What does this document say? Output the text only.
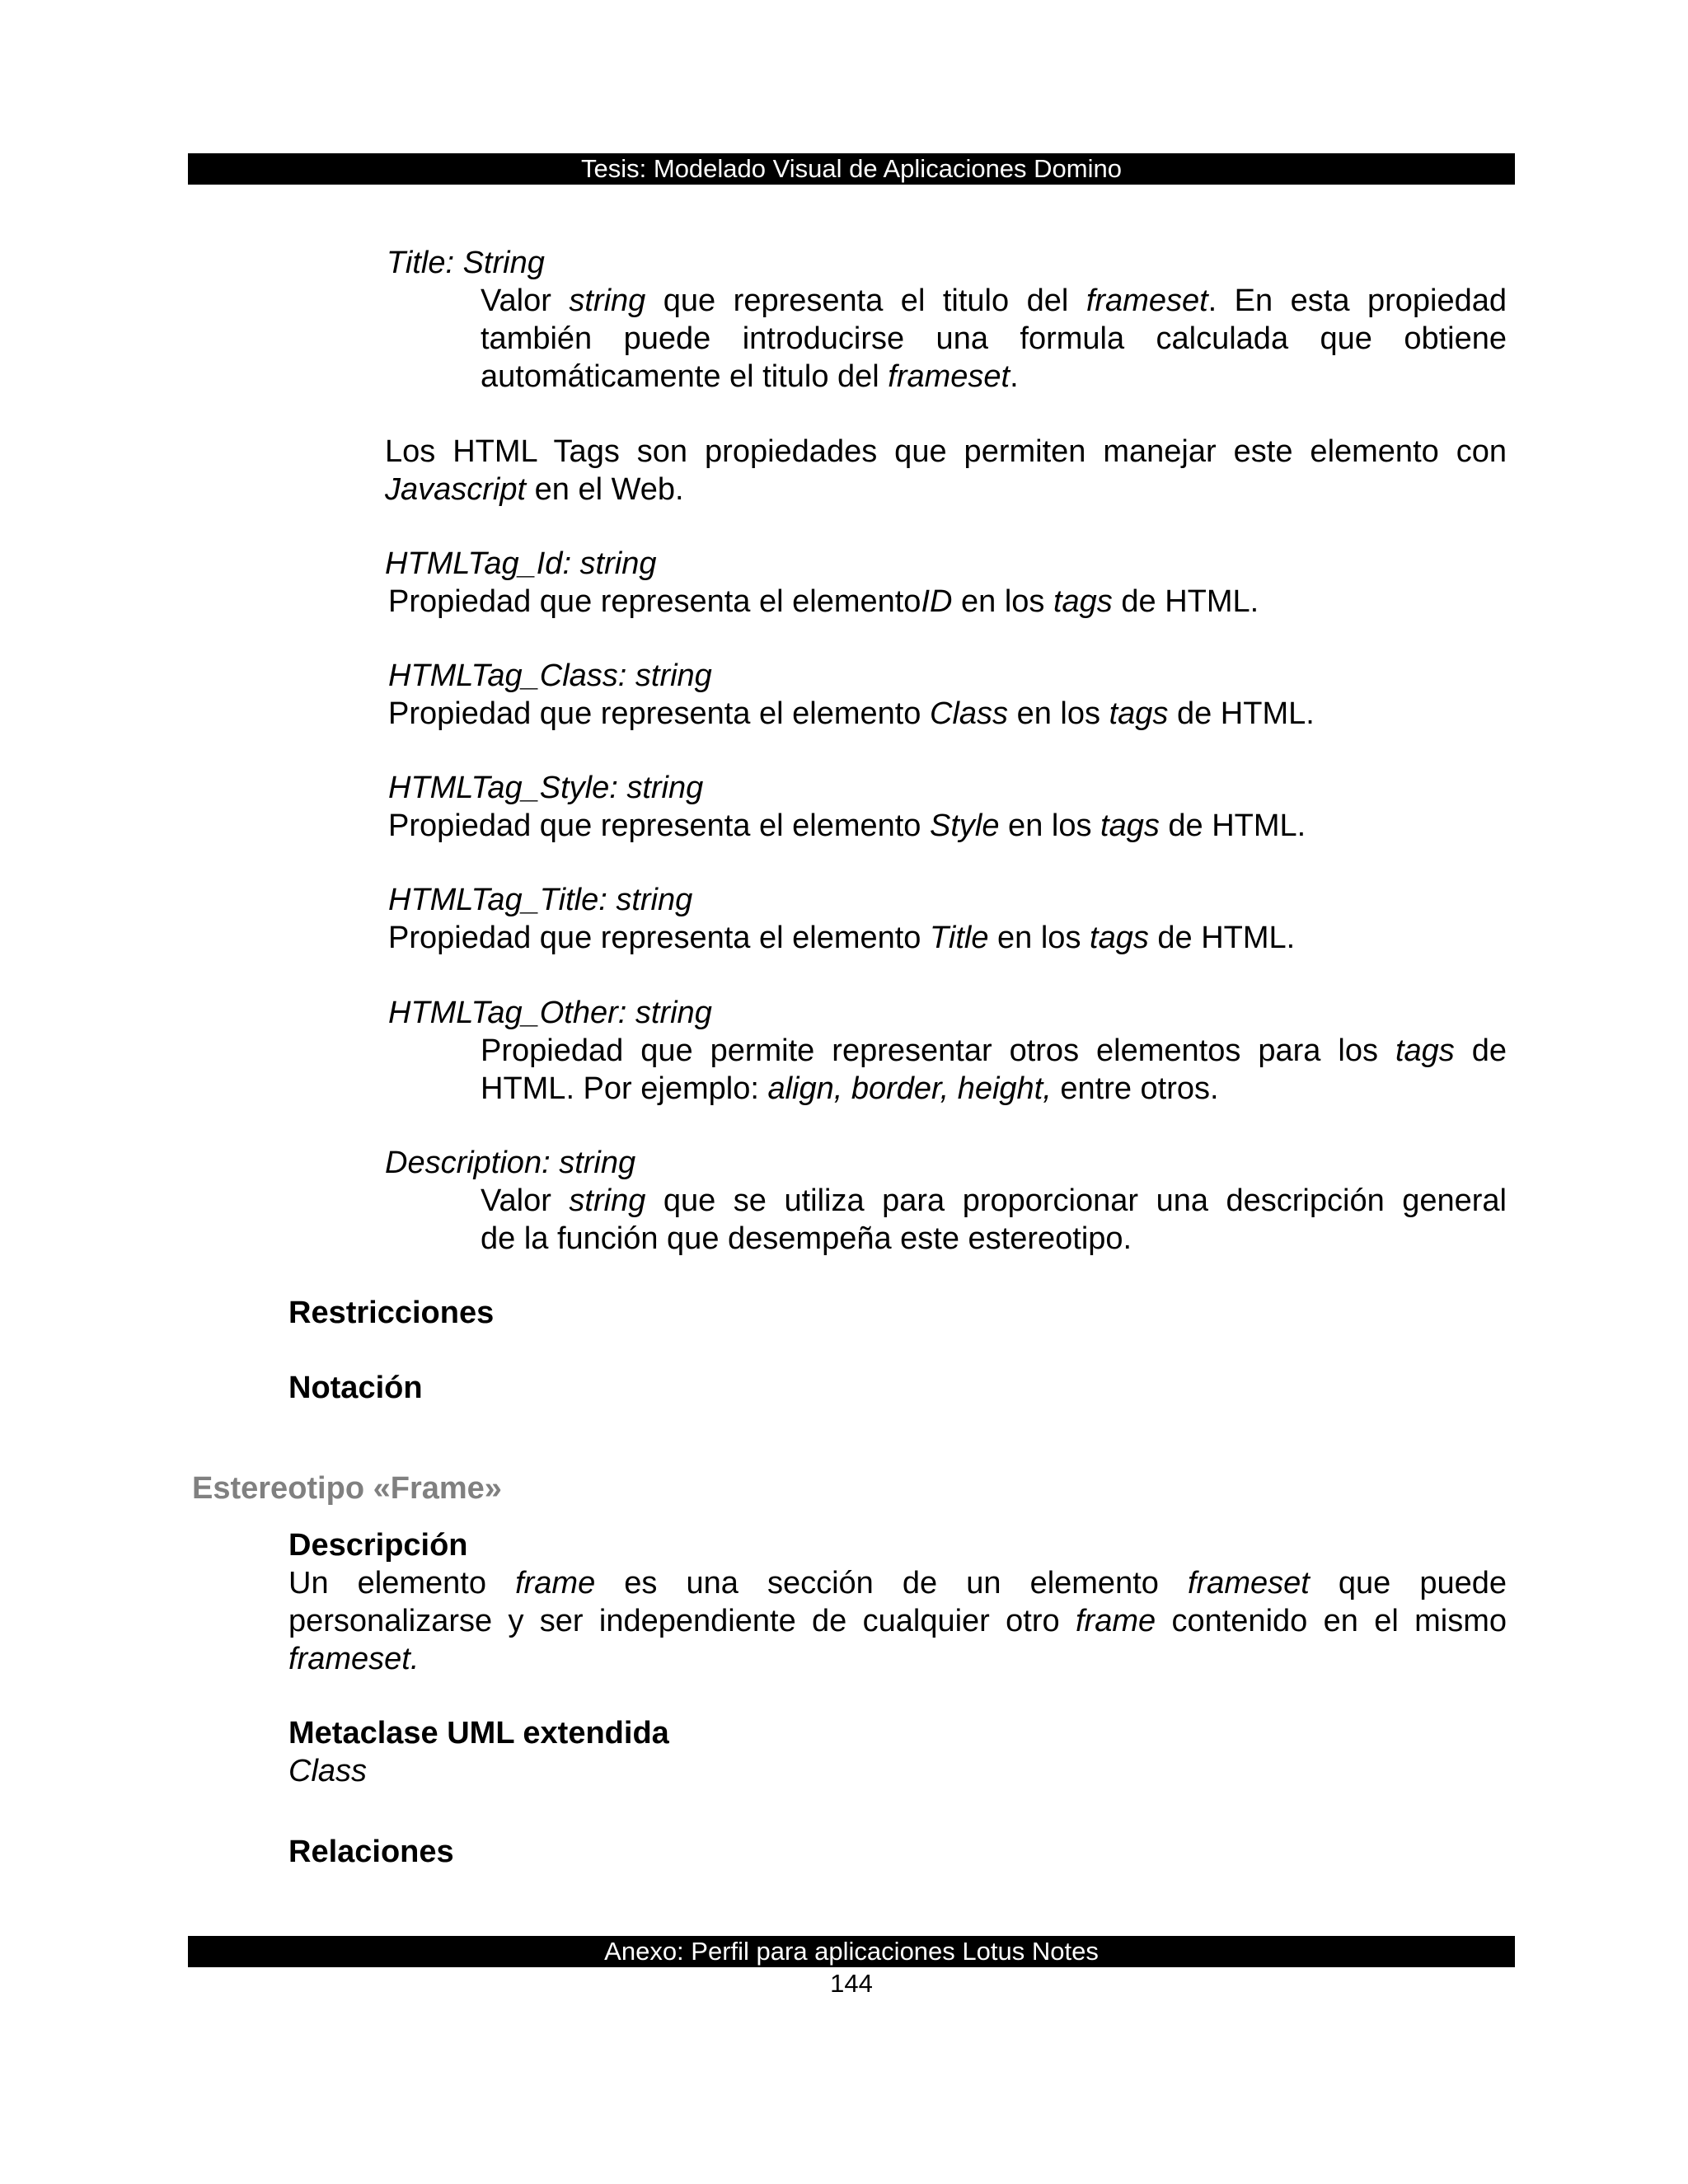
Tesis: Modelado Visual de Aplicaciones Domino
Title: String
Valor string que representa el titulo del frameset. En esta propiedad
también puede introducirse una formula calculada que obtiene
automáticamente el titulo del frameset.
Los HTML Tags son propiedades que permiten manejar este elemento con
Javascript en el Web.
HTMLTag_Id: string
Propiedad que representa el elementoID en los tags de HTML.
HTMLTag_Class: string
Propiedad que representa el elemento Class en los tags de HTML.
HTMLTag_Style: string
Propiedad que representa el elemento Style en los tags de HTML.
HTMLTag_Title: string
Propiedad que representa el elemento Title en los tags de HTML.
HTMLTag_Other: string
Propiedad que permite representar otros elementos para los tags de
HTML. Por ejemplo: align, border, height, entre otros.
Description: string
Valor string que se utiliza para proporcionar una descripción general
de la función que desempeña este estereotipo.
Restricciones
Notación
Estereotipo «Frame»
Descripción
Un elemento frame es una sección de un elemento frameset que puede
personalizarse y ser independiente de cualquier otro frame contenido en el mismo
frameset.
Metaclase UML extendida
Class
Relaciones
Anexo: Perfil para aplicaciones Lotus Notes
144
